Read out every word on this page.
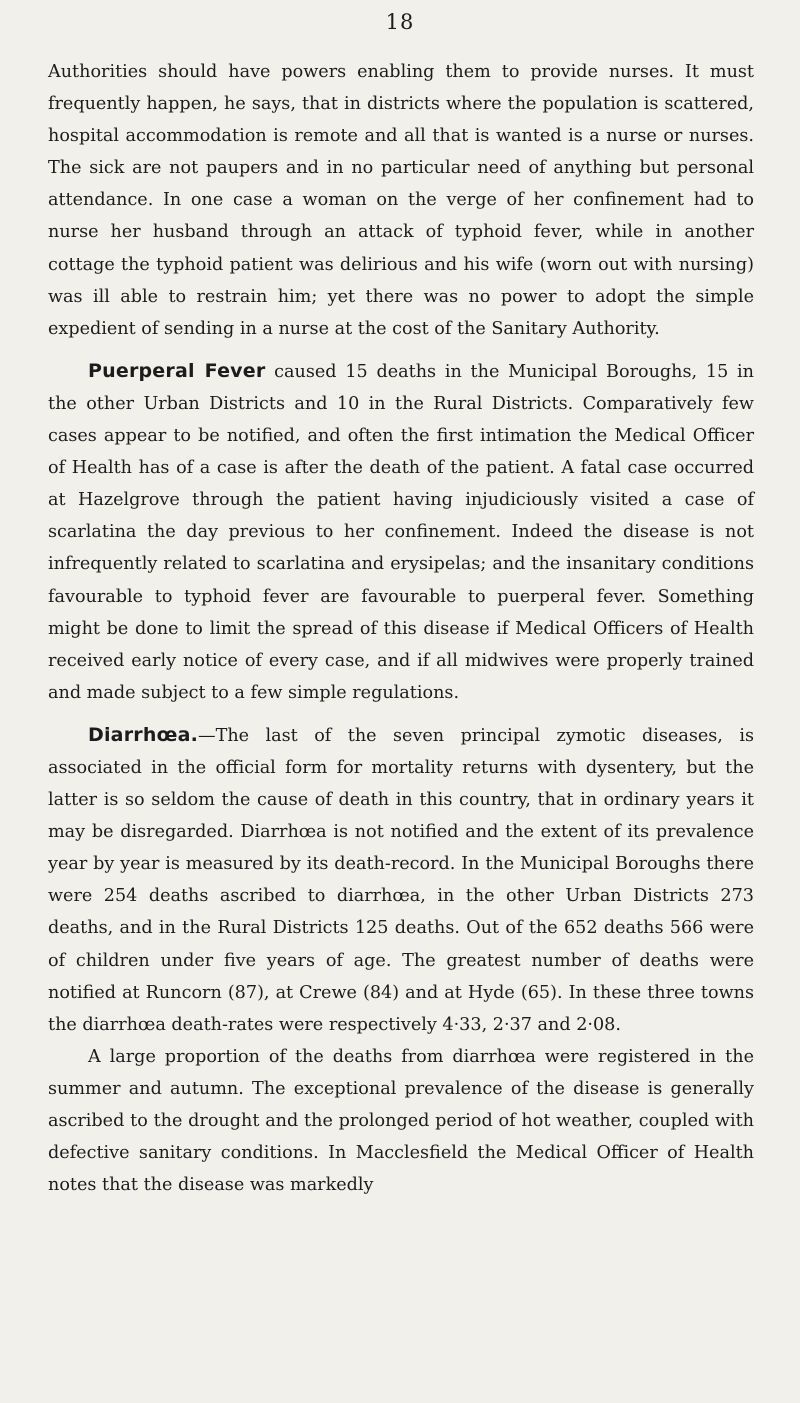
18

Authorities should have powers enabling them to provide nurses. It must frequently happen, he says, that in districts where the population is scattered, hospital accommodation is remote and all that is wanted is a nurse or nurses. The sick are not paupers and in no particular need of anything but personal attendance. In one case a woman on the verge of her confinement had to nurse her husband through an attack of typhoid fever, while in another cottage the typhoid patient was delirious and his wife (worn out with nursing) was ill able to restrain him; yet there was no power to adopt the simple expedient of sending in a nurse at the cost of the Sanitary Authority.

Puerperal Fever caused 15 deaths in the Municipal Boroughs, 15 in the other Urban Districts and 10 in the Rural Districts. Comparatively few cases appear to be notified, and often the first intimation the Medical Officer of Health has of a case is after the death of the patient. A fatal case occurred at Hazelgrove through the patient having injudiciously visited a case of scarlatina the day previous to her confinement. Indeed the disease is not infrequently related to scarlatina and erysipelas; and the insanitary conditions favourable to typhoid fever are favourable to puerperal fever. Something might be done to limit the spread of this disease if Medical Officers of Health received early notice of every case, and if all midwives were properly trained and made subject to a few simple regulations.

Diarrhœa.—The last of the seven principal zymotic diseases, is associated in the official form for mortality returns with dysentery, but the latter is so seldom the cause of death in this country, that in ordinary years it may be disregarded. Diarrhœa is not notified and the extent of its prevalence year by year is measured by its death-record. In the Municipal Boroughs there were 254 deaths ascribed to diarrhœa, in the other Urban Districts 273 deaths, and in the Rural Districts 125 deaths. Out of the 652 deaths 566 were of children under five years of age. The greatest number of deaths were notified at Runcorn (87), at Crewe (84) and at Hyde (65). In these three towns the diarrhœa death-rates were respectively 4·33, 2·37 and 2·08.

A large proportion of the deaths from diarrhœa were registered in the summer and autumn. The exceptional prevalence of the disease is generally ascribed to the drought and the prolonged period of hot weather, coupled with defective sanitary conditions. In Macclesfield the Medical Officer of Health notes that the disease was markedly
